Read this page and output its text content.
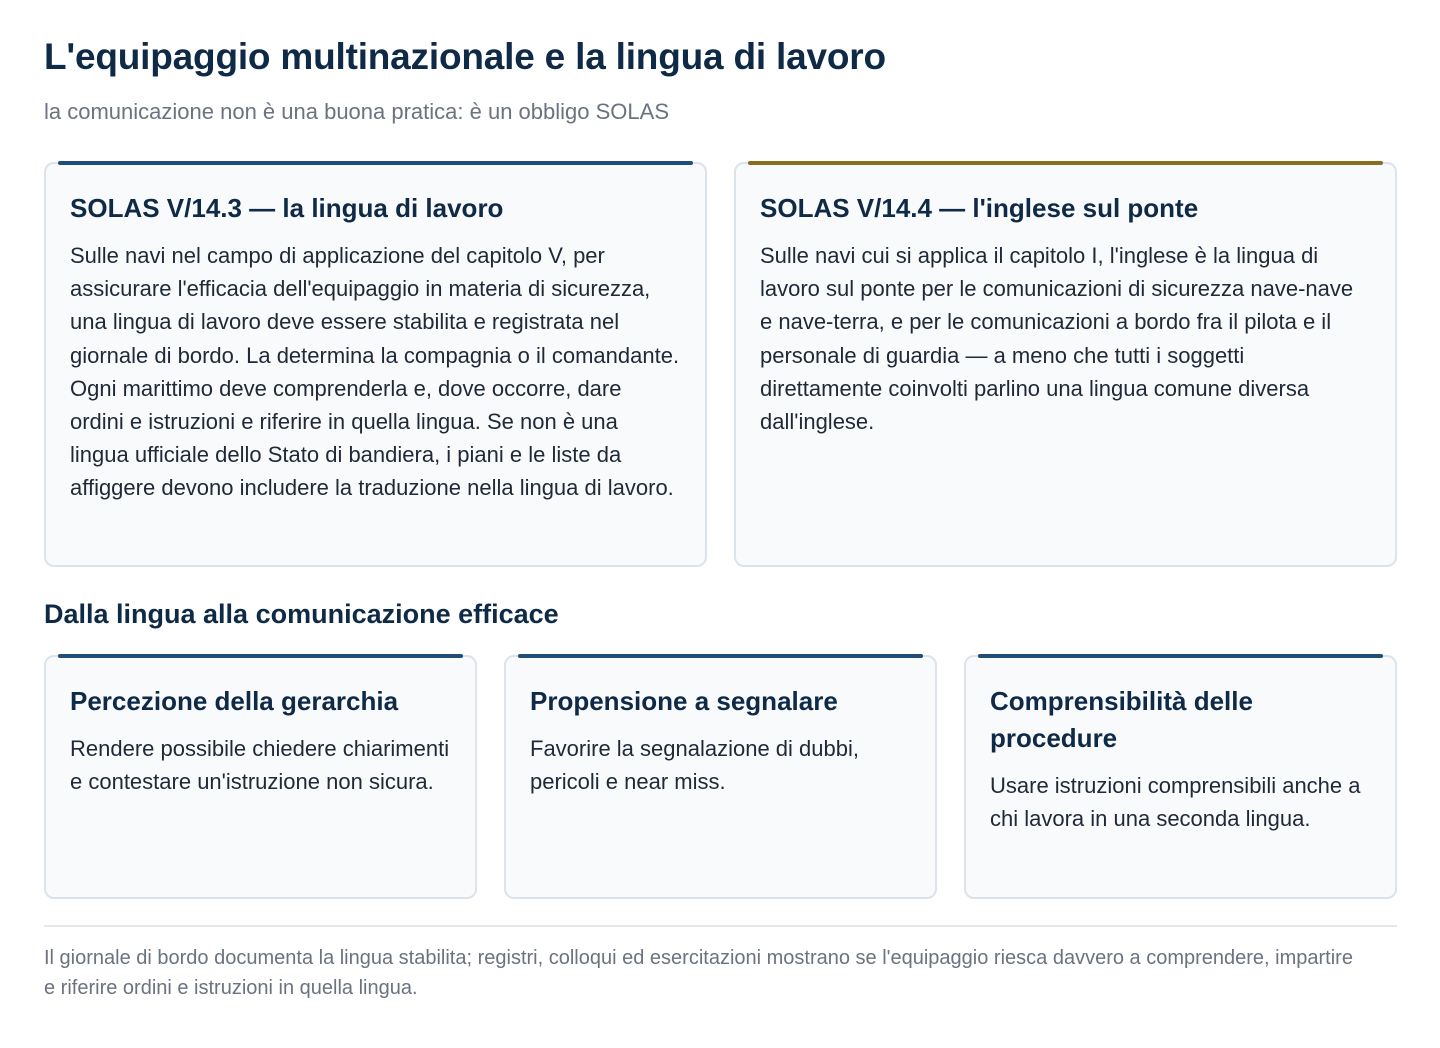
L'equipaggio multinazionale e la lingua di lavoro

la comunicazione non è una buona pratica: è un obbligo SOLAS

SOLAS V/14.3 — la lingua di lavoro
Sulle navi nel campo di applicazione del capitolo V, per assicurare l'efficacia dell'equipaggio in materia di sicurezza, una lingua di lavoro deve essere stabilita e registrata nel giornale di bordo. La determina la compagnia o il comandante. Ogni marittimo deve comprenderla e, dove occorre, dare ordini e istruzioni e riferire in quella lingua. Se non è una lingua ufficiale dello Stato di bandiera, i piani e le liste da affiggere devono includere la traduzione nella lingua di lavoro.
SOLAS V/14.4 — l'inglese sul ponte
Sulle navi cui si applica il capitolo I, l'inglese è la lingua di lavoro sul ponte per le comunicazioni di sicurezza nave-nave e nave-terra, e per le comunicazioni a bordo fra il pilota e il personale di guardia — a meno che tutti i soggetti direttamente coinvolti parlino una lingua comune diversa dall'inglese.
Dalla lingua alla comunicazione efficace
Percezione della gerarchia
Rendere possibile chiedere chiarimenti e contestare un'istruzione non sicura.
Propensione a segnalare
Favorire la segnalazione di dubbi, pericoli e near miss.
Comprensibilità delle procedure
Usare istruzioni comprensibili anche a chi lavora in una seconda lingua.

Il giornale di bordo documenta la lingua stabilita; registri, colloqui ed esercitazioni mostrano se l'equipaggio riesca davvero a comprendere, impartire e riferire ordini e istruzioni in quella lingua.
